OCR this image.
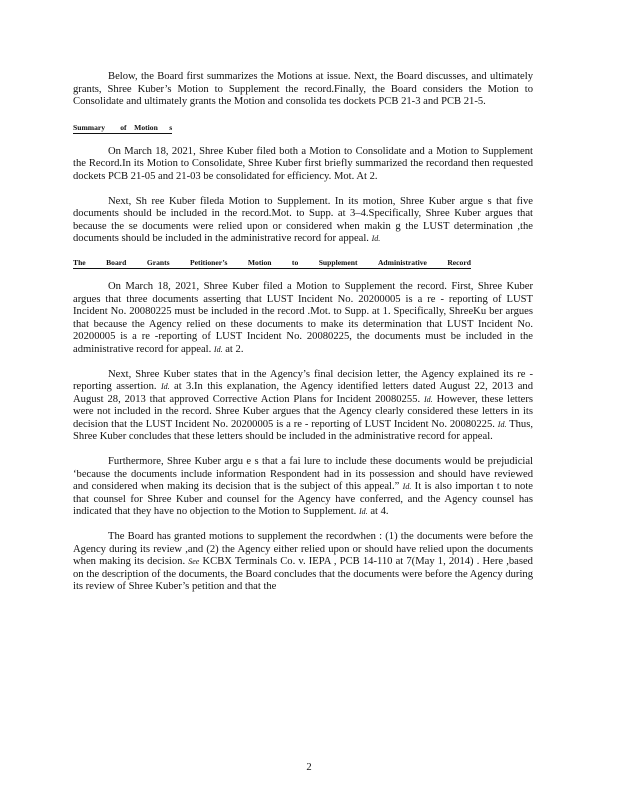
Below, the Board first summarizes the Motions at issue. Next, the Board discusses, and ultimately grants, Shree Kuber’s Motion to Supplement the record.Finally, the Board considers the Motion to Consolidate and ultimately grants the Motion and consolida tes dockets PCB 21-3 and PCB 21-5.

Summary of Motion s

On March 18, 2021, Shree Kuber filed both a Motion to Consolidate and a Motion to Supplement the Record.In its Motion to Consolidate, Shree Kuber first briefly summarized the recordand then requested dockets PCB 21-05 and 21-03 be consolidated for efficiency. Mot. At 2.

Next, Sh ree Kuber fileda Motion to Supplement. In its motion, Shree Kuber argue s that five documents should be included in the record.Mot. to Supp. at 3–4.Specifically, Shree Kuber argues that because the se documents were relied upon or considered when makin g the LUST determination ,the documents should be included in the administrative record for appeal. Id.

The	Board	Grants	Petitioner’s	Motion	to	Supplement	Administrative	Record

On March 18, 2021, Shree Kuber filed a Motion to Supplement the record. First, Shree Kuber argues that three documents asserting that LUST Incident No. 20200005 is a re - reporting of LUST Incident No. 20080225 must be included in the record .Mot. to Supp. at 1. Specifically, ShreeKu ber argues that because the Agency relied on these documents to make its determination that LUST Incident No. 20200005 is a re -reporting of LUST Incident No. 20080225, the documents must be included in the administrative record for appeal. Id. at 2.

Next, Shree Kuber states that in the Agency’s final decision letter, the Agency explained its re -reporting assertion. Id. at 3.In this explanation, the Agency identified letters dated August 22, 2013 and August 28, 2013 that approved Corrective Action Plans for Incident 20080255. Id. However, these letters were not included in the record. Shree Kuber argues that the Agency clearly considered these letters in its decision that the LUST Incident No. 20200005 is a re - reporting of LUST Incident No. 20080225. Id. Thus, Shree Kuber concludes that these letters should be included in the administrative record for appeal.

Furthermore, Shree Kuber argu e s that a fai lure to include these documents would be prejudicial ‘because the documents include information Respondent had in its possession and should have reviewed and considered when making its decision that is the subject of this appeal.” Id. It is also importan t to note that counsel for Shree Kuber and counsel for the Agency have conferred, and the Agency counsel has indicated that they have no objection to the Motion to Supplement. Id. at 4.

The Board has granted motions to supplement the recordwhen : (1) the documents were before the Agency during its review ,and (2) the Agency either relied upon or should have relied upon the documents when making its decision. See KCBX Terminals Co. v. IEPA , PCB 14-110 at 7(May 1, 2014) . Here ,based on the description of the documents, the Board concludes that the documents were before the Agency during its review of Shree Kuber’s petition and that the

2
